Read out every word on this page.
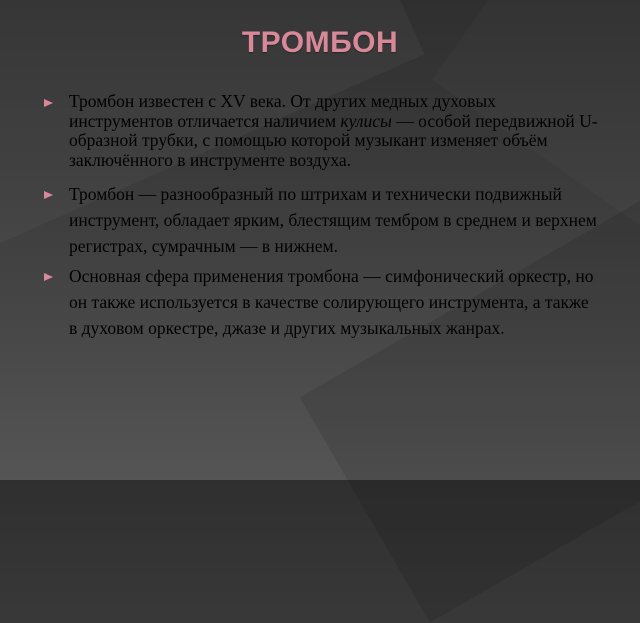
ТРОМБОН
Тромбон известен с XV века. От других медных духовых инструментов отличается наличием кулисы — особой передвижной U-образной трубки, с помощью которой музыкант изменяет объём заключённого в инструменте воздуха.
Тромбон — разнообразный по штрихам и технически подвижный инструмент, обладает ярким, блестящим тембром в среднем и верхнем регистрах, сумрачным — в нижнем.
Основная сфера применения тромбона — симфонический оркестр, но он также используется в качестве солирующего инструмента, а также в духовом оркестре, джазе и других музыкальных жанрах.
